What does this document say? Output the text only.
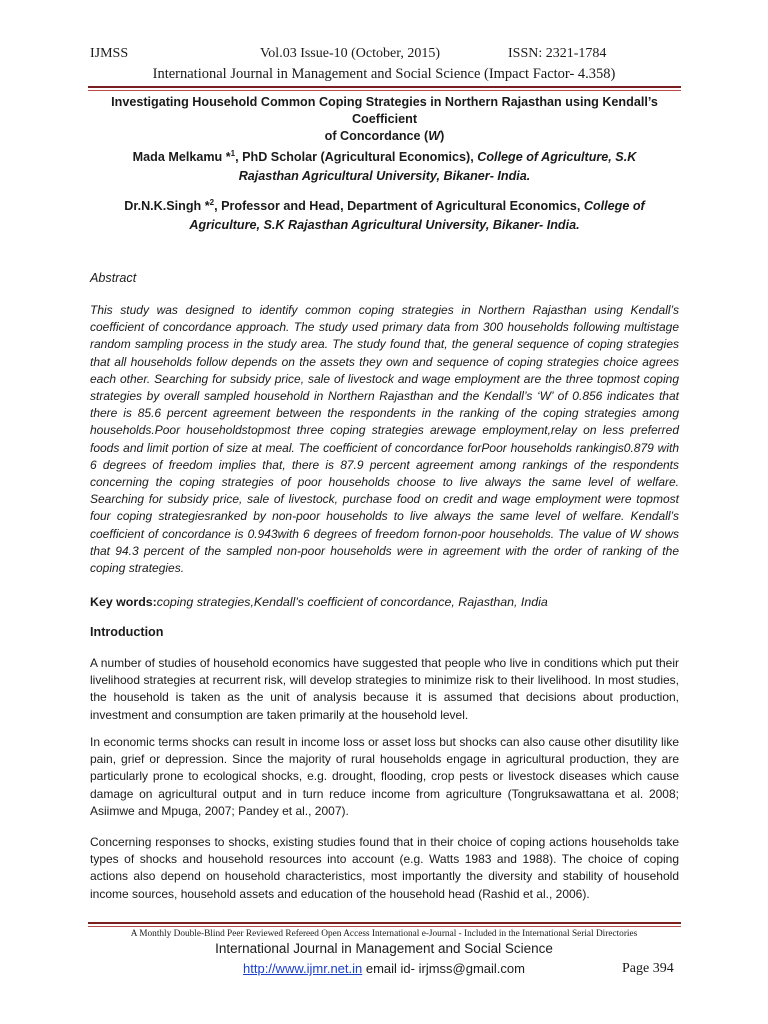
IJMSS	Vol.03 Issue-10 (October, 2015)	ISSN: 2321-1784
International Journal in Management and Social Science (Impact Factor- 4.358)
Investigating Household Common Coping Strategies in Northern Rajasthan using Kendall’s Coefficient
of Concordance (W)
Mada Melkamu *$^1$, PhD Scholar (Agricultural Economics), College of Agriculture, S.K
Rajasthan Agricultural University, Bikaner- India.
Dr.N.K.Singh *$^2$, Professor and Head, Department of Agricultural Economics, College of
Agriculture, S.K Rajasthan Agricultural University, Bikaner- India.
Abstract

This study was designed to identify common coping strategies in Northern Rajasthan using Kendall’s coefficient of concordance approach. The study used primary data from 300 households following multistage random sampling process in the study area. The study found that, the general sequence of coping strategies that all households follow depends on the assets they own and sequence of coping strategies choice agrees each other. Searching for subsidy price, sale of livestock and wage employment are the three topmost coping strategies by overall sampled household in Northern Rajasthan and the Kendall’s ‘W’ of 0.856 indicates that there is 85.6 percent agreement between the respondents in the ranking of the coping strategies among households.Poor householdstopmost three coping strategies arewage employment,relay on less preferred foods and limit portion of size at meal. The coefficient of concordance forPoor households rankingis0.879 with 6 degrees of freedom implies that, there is 87.9 percent agreement among rankings of the respondents concerning the coping strategies of poor households choose to live always the same level of welfare. Searching for subsidy price, sale of livestock, purchase food on credit and wage employment were topmost four coping strategiesranked by non-poor households to live always the same level of welfare. Kendall’s coefficient of concordance is 0.943with 6 degrees of freedom fornon-poor households. The value of W shows that 94.3 percent of the sampled non-poor households were in agreement with the order of ranking of the coping strategies.

Key words:coping strategies,Kendall’s coefficient of concordance, Rajasthan, India
Introduction

A number of studies of household economics have suggested that people who live in conditions which put their livelihood strategies at recurrent risk, will develop strategies to minimize risk to their livelihood. In most studies, the household is taken as the unit of analysis because it is assumed that decisions about production, investment and consumption are taken primarily at the household level.

In economic terms shocks can result in income loss or asset loss but shocks can also cause other disutility like pain, grief or depression. Since the majority of rural households engage in agricultural production, they are particularly prone to ecological shocks, e.g. drought, flooding, crop pests or livestock diseases which cause damage on agricultural output and in turn reduce income from agriculture (Tongruksawattana et al. 2008; Asiimwe and Mpuga, 2007; Pandey et al., 2007).

Concerning responses to shocks, existing studies found that in their choice of coping actions households take types of shocks and household resources into account (e.g. Watts 1983 and 1988). The choice of coping actions also depend on household characteristics, most importantly the diversity and stability of household income sources, household assets and education of the household head (Rashid et al., 2006).

A Monthly Double-Blind Peer Reviewed Refereed Open Access International e-Journal - Included in the International Serial Directories
International Journal in Management and Social Science
http://www.ijmr.net.in email id- irjmss@gmail.com	Page 394
